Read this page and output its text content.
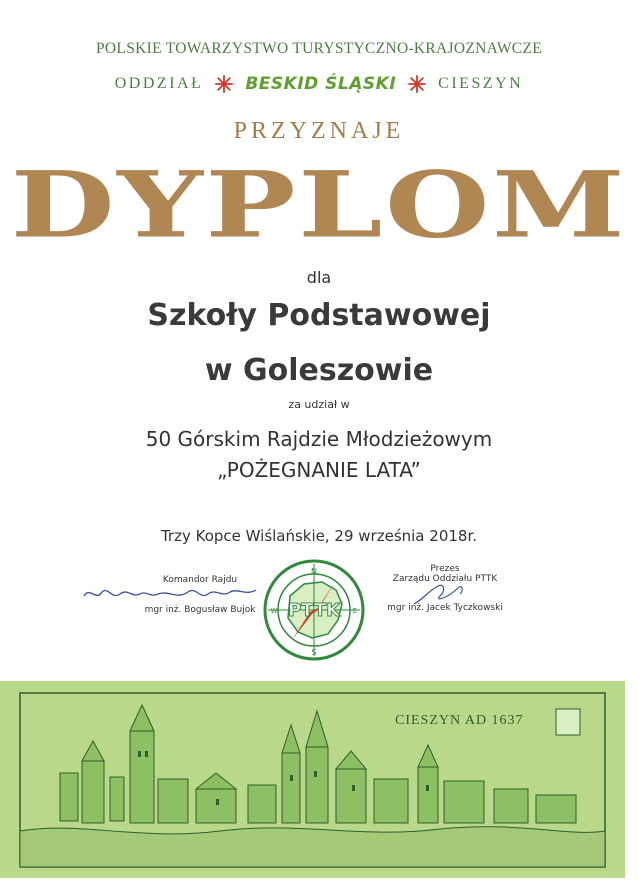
POLSKIE TOWARZYSTWO TURYSTYCZNO-KRAJOZNAWCZE
ODDZIAŁ BESKID ŚLĄSKI	CIESZYN
PRZYZNAJE
DYPLOM
dla
Szkoły Podstawowej
w Goleszowie
za udział w
50 Górskim Rajdzie Młodzieżowym
„POŻEGNANIE LATA”
Trzy Kopce Wiślańskie, 29 września 2018r.
Komandor Rajdu
mgr inż. Bogusław Bujok
Prezes
Zarządu Oddziału PTTK
mgr inż. Jacek Tyczkowski
N
S
W	E
PTTK
CIESZYN AD 1637
